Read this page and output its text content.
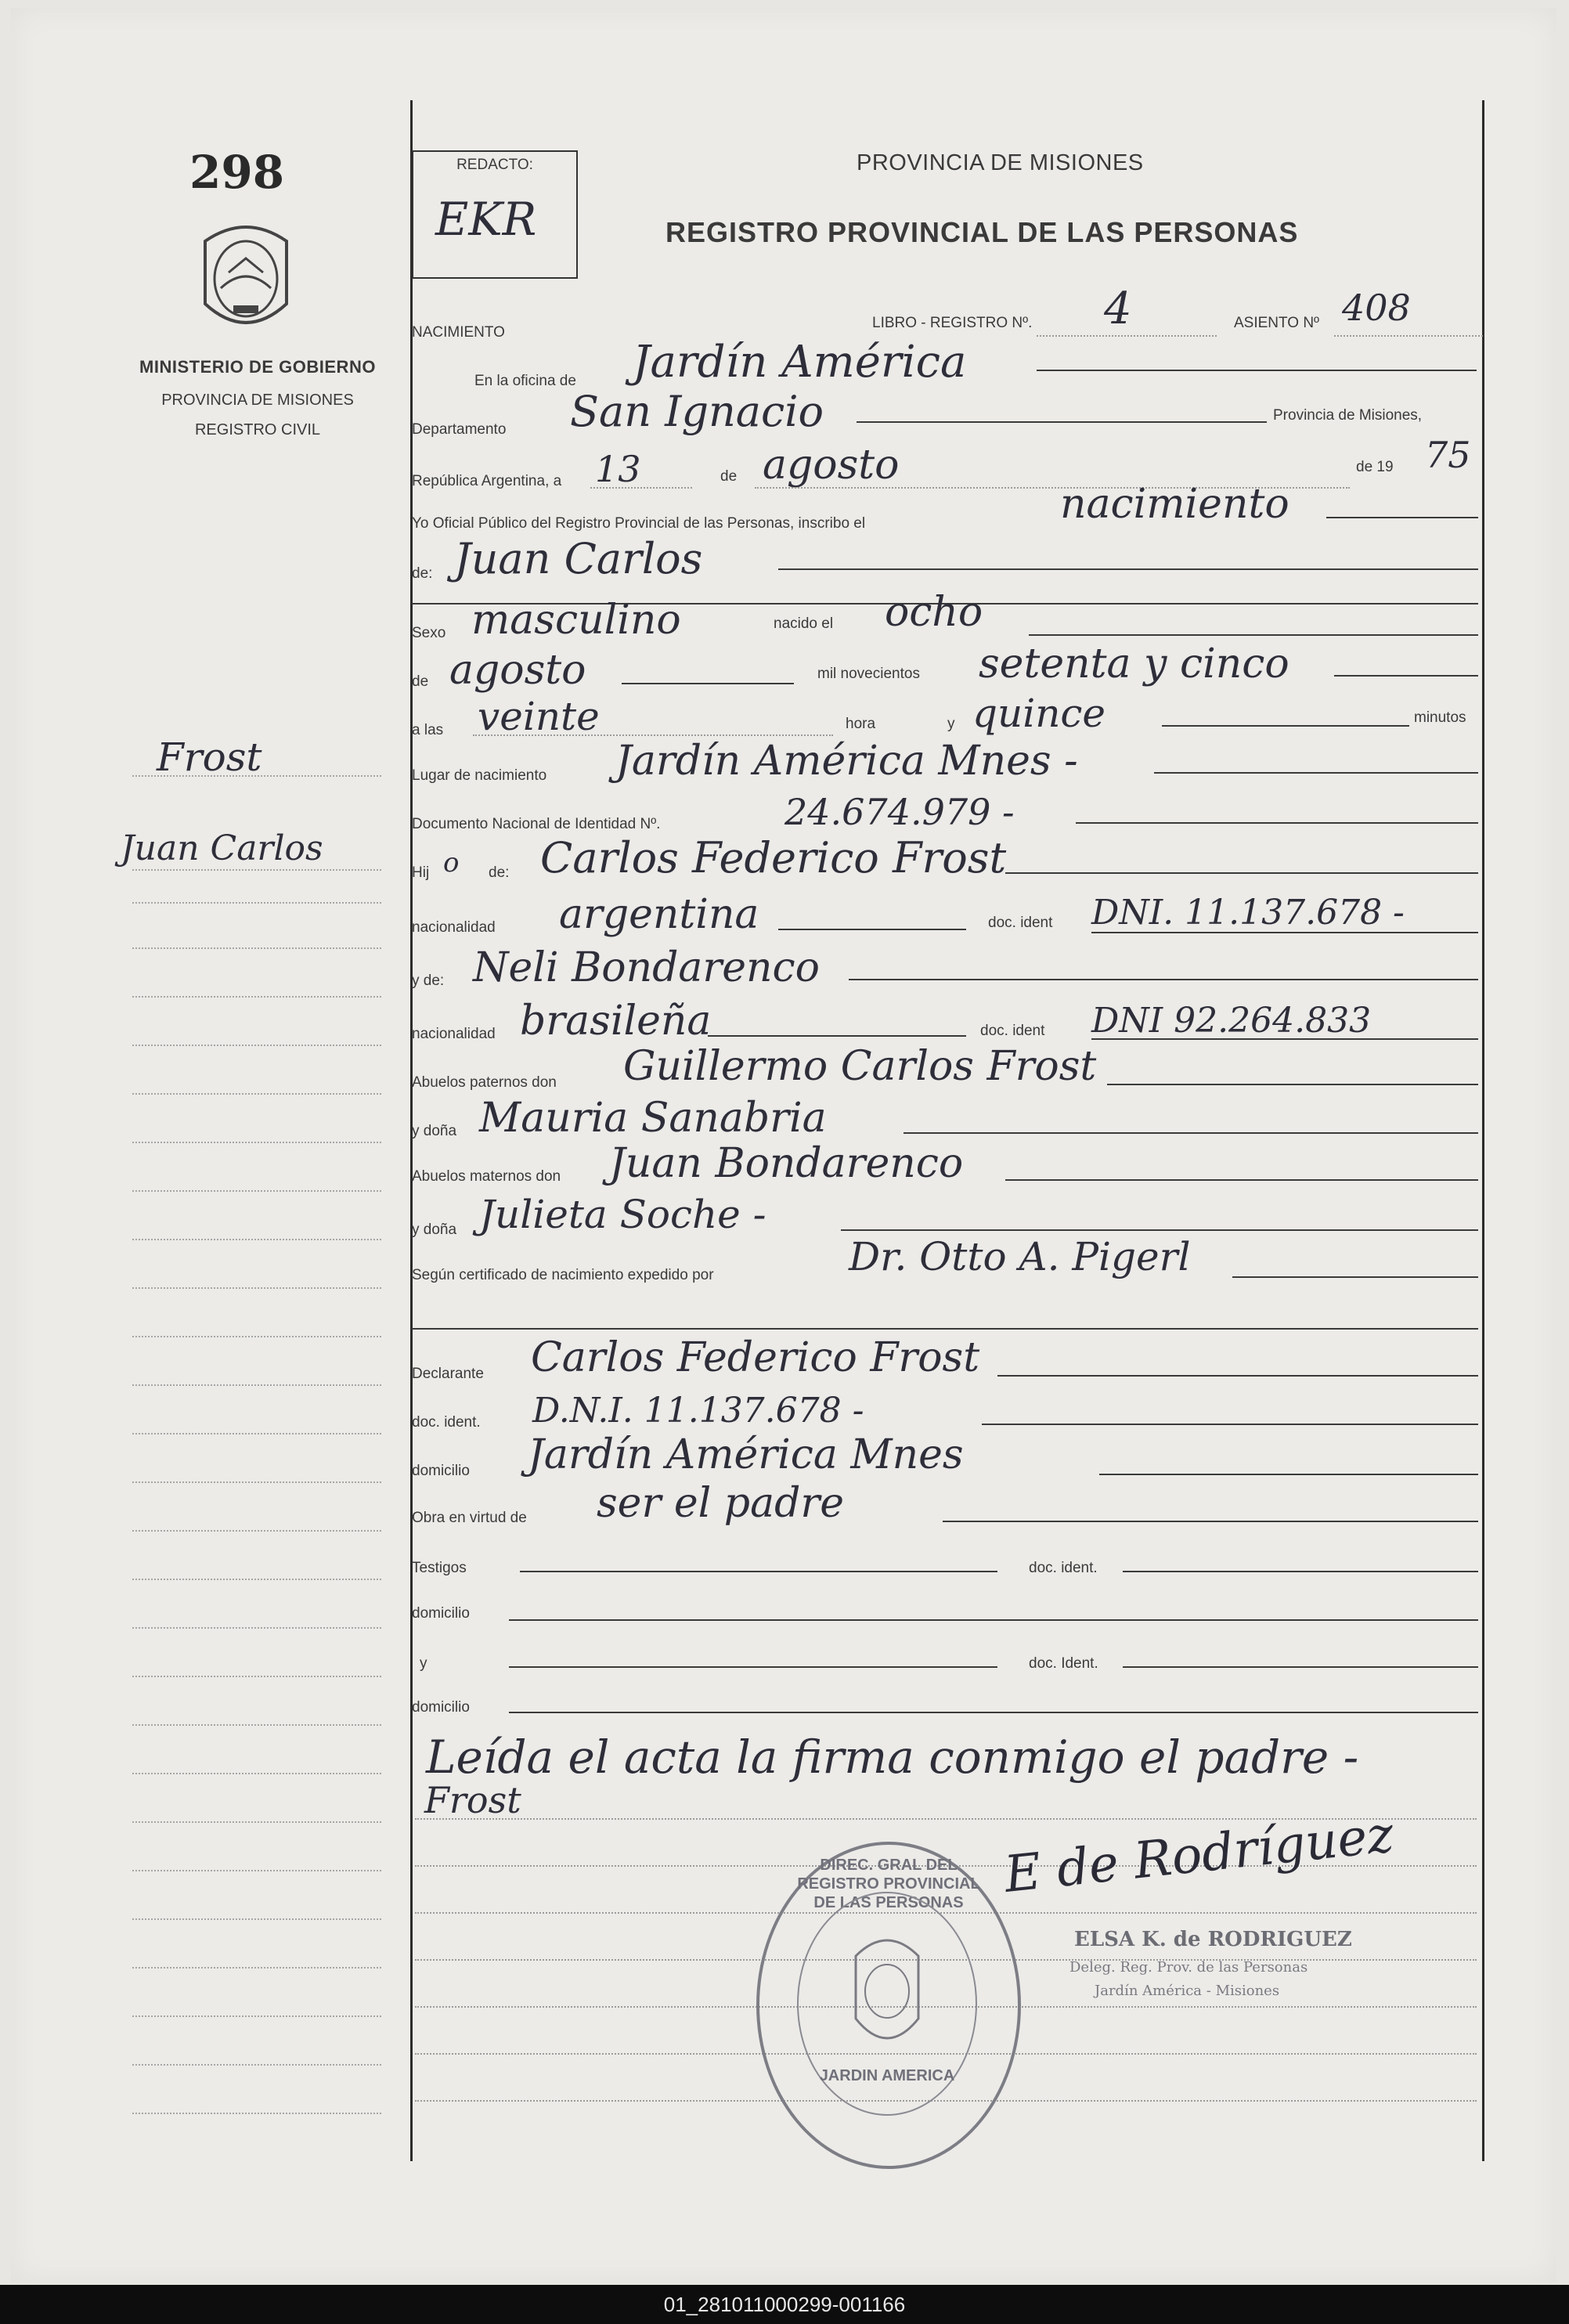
298
MINISTERIO DE GOBIERNO
PROVINCIA DE MISIONES
REGISTRO CIVIL
Frost
Juan Carlos
REDACTO:
EKR
PROVINCIA DE MISIONES
REGISTRO PROVINCIAL DE LAS PERSONAS
NACIMIENTO
LIBRO - REGISTRO Nº. 4	ASIENTO Nº 408
En la oficina de Jardín América
Departamento San Ignacio	Provincia de Misiones,
República Argentina, a 13	de agosto	de 19 75
Yo Oficial Público del Registro Provincial de las Personas, inscribo el	nacimiento
de: Juan Carlos
Sexo masculino	nacido el ocho
de agosto	mil novecientos setenta y cinco
a las veinte	hora	y quince	minutos
Lugar de nacimiento Jardín América Mnes -
Documento Nacional de Identidad Nº.	24.674.979 -
Hij o de: Carlos Federico Frost
nacionalidad argentina	doc. ident DNI. 11.137.678 -
y de: Neli Bondarenco
nacionalidad brasileña	doc. ident DNI 92.264.833
Abuelos paternos don Guillermo Carlos Frost
y doña Mauria Sanabria
Abuelos maternos don Juan Bondarenco
y doña Julieta Soche -
Según certificado de nacimiento expedido por	Dr. Otto A. Pigerl
Declarante Carlos Federico Frost
doc. ident. D.N.I. 11.137.678 -
domicilio Jardín América Mnes
Obra en virtud de ser el padre
Testigos	doc. ident.
domicilio
y	doc. Ident.
domicilio
Leída el acta la firma conmigo el padre -
Frost
DIREC. GRAL DEL REGISTRO PROVINCIAL DE LAS PERSONAS
JARDIN AMERICA
E de Rodríguez
ELSA K. de RODRIGUEZ
Deleg. Reg. Prov. de las Personas
Jardín América - Misiones
01_281011000299-001166
